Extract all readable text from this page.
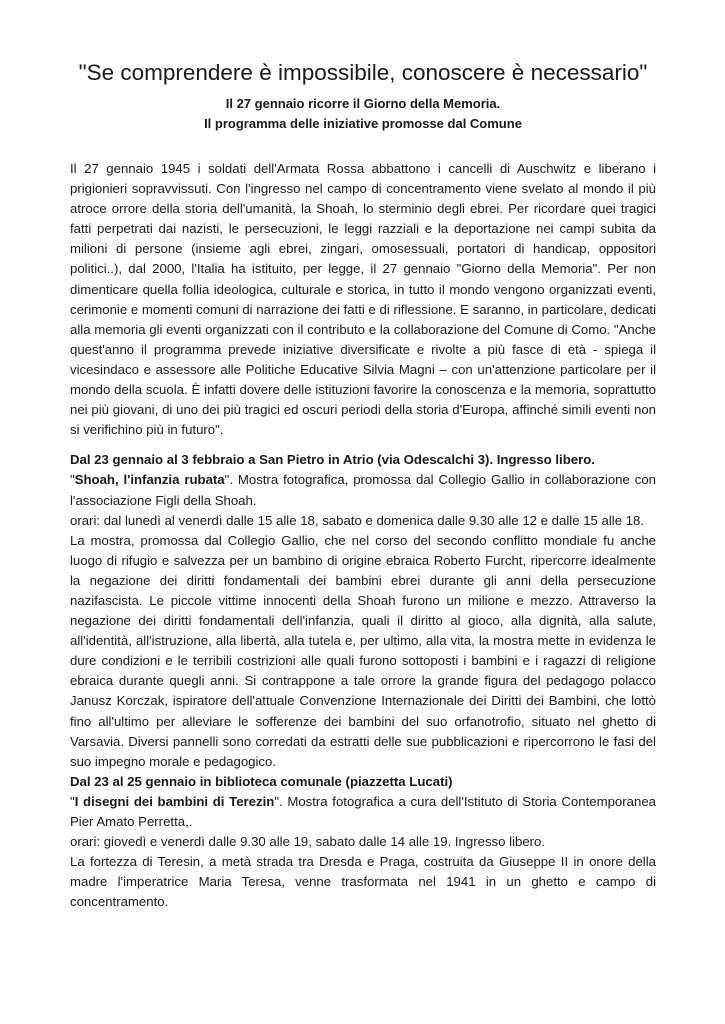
"Se comprendere è impossibile, conoscere è necessario"

Il 27 gennaio ricorre il Giorno della Memoria.

Il programma delle iniziative promosse dal Comune

Il 27 gennaio 1945 i soldati dell'Armata Rossa abbattono i cancelli di Auschwitz e liberano i prigionieri sopravvissuti. Con l'ingresso nel campo di concentramento viene svelato al mondo il più atroce orrore della storia dell'umanità, la Shoah, lo sterminio degli ebrei. Per ricordare quei tragici fatti perpetrati dai nazisti, le persecuzioni, le leggi razziali e la deportazione nei campi subita da milioni di persone (insieme agli ebrei, zingari, omosessuali, portatori di handicap, oppositori politici..), dal 2000, l'Italia ha istituito, per legge, il 27 gennaio "Giorno della Memoria". Per non dimenticare quella follia ideologica, culturale e storica, in tutto il mondo vengono organizzati eventi, cerimonie e momenti comuni di narrazione dei fatti e di riflessione. E saranno, in particolare, dedicati alla memoria gli eventi organizzati con il contributo e la collaborazione del Comune di Como. "Anche quest'anno il programma prevede iniziative diversificate e rivolte a più fasce di età - spiega il vicesindaco e assessore alle Politiche Educative Silvia Magni – con un'attenzione particolare per il mondo della scuola. È infatti dovere delle istituzioni favorire la conoscenza e la memoria, soprattutto nei più giovani, di uno dei più tragici ed oscuri periodi della storia d'Europa, affinché simili eventi non si verifichino più in futuro".

Dal 23 gennaio al 3 febbraio a San Pietro in Atrio (via Odescalchi 3). Ingresso libero.

"Shoah, l'infanzia rubata". Mostra fotografica, promossa dal Collegio Gallio in collaborazione con l'associazione Figli della Shoah.

orari: dal lunedì al venerdì dalle 15 alle 18, sabato e domenica dalle 9.30 alle 12 e dalle 15 alle 18.

La mostra, promossa dal Collegio Gallio, che nel corso del secondo conflitto mondiale fu anche luogo di rifugio e salvezza per un bambino di origine ebraica Roberto Furcht, ripercorre idealmente la negazione dei diritti fondamentali dei bambini ebrei durante gli anni della persecuzione nazifascista. Le piccole vittime innocenti della Shoah furono un milione e mezzo. Attraverso la negazione dei diritti fondamentali dell'infanzia, quali il diritto al gioco, alla dignità, alla salute, all'identità, all'istruzione, alla libertà, alla tutela e, per ultimo, alla vita, la mostra mette in evidenza le dure condizioni e le terribili costrizioni alle quali furono sottoposti i bambini e i ragazzi di religione ebraica durante quegli anni. Si contrappone a tale orrore la grande figura del pedagogo polacco Janusz Korczak, ispiratore dell'attuale Convenzione Internazionale dei Diritti dei Bambini, che lottò fino all'ultimo per alleviare le sofferenze dei bambini del suo orfanotrofio, situato nel ghetto di Varsavia. Diversi pannelli sono corredati da estratti delle sue pubblicazioni e ripercorrono le fasi del suo impegno morale e pedagogico.

Dal 23 al 25 gennaio in biblioteca comunale (piazzetta Lucati)

"I disegni dei bambini di Terezin". Mostra fotografica a cura dell'Istituto di Storia Contemporanea Pier Amato Perretta,.

orari: giovedì e venerdì dalle 9.30 alle 19, sabato dalle 14 alle 19. Ingresso libero.

La fortezza di Teresin, a metà strada tra Dresda e Praga, costruita da Giuseppe II in onore della madre l'imperatrice Maria Teresa, venne trasformata nel 1941 in un ghetto e campo di concentramento.
